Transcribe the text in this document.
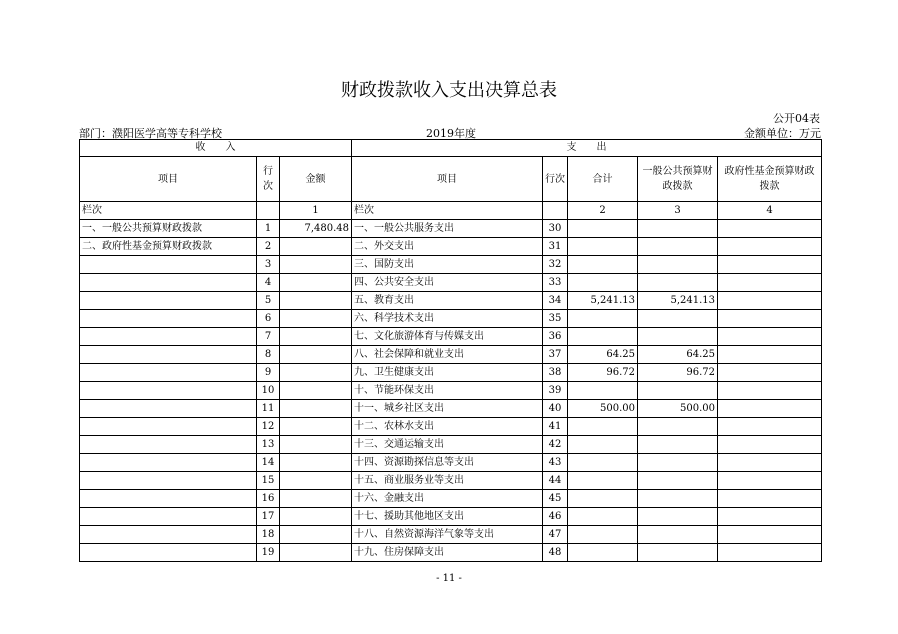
财政拨款收入支出决算总表
公开04表
部门：濮阳医学高等专科学校	2019年度	金额单位：万元
收　　入			支　　出				
项目	行次	金额	项目	行次	合计	一般公共预算财政拨款	政府性基金预算财政拨款
栏次		1	栏次		2	3	4
一、一般公共预算财政拨款	1	7,480.48	一、一般公共服务支出	30			
二、政府性基金预算财政拨款	2		二、外交支出	31			
	3		三、国防支出	32			
	4		四、公共安全支出	33			
	5		五、教育支出	34	5,241.13	5,241.13	
	6		六、科学技术支出	35			
	7		七、文化旅游体育与传媒支出	36			
	8		八、社会保障和就业支出	37	64.25	64.25	
	9		九、卫生健康支出	38	96.72	96.72	
	10		十、节能环保支出	39			
	11		十一、城乡社区支出	40	500.00	500.00	
	12		十二、农林水支出	41			
	13		十三、交通运输支出	42			
	14		十四、资源勘探信息等支出	43			
	15		十五、商业服务业等支出	44			
	16		十六、金融支出	45			
	17		十七、援助其他地区支出	46			
	18		十八、自然资源海洋气象等支出	47			
	19		十九、住房保障支出	48			
- 11 -
